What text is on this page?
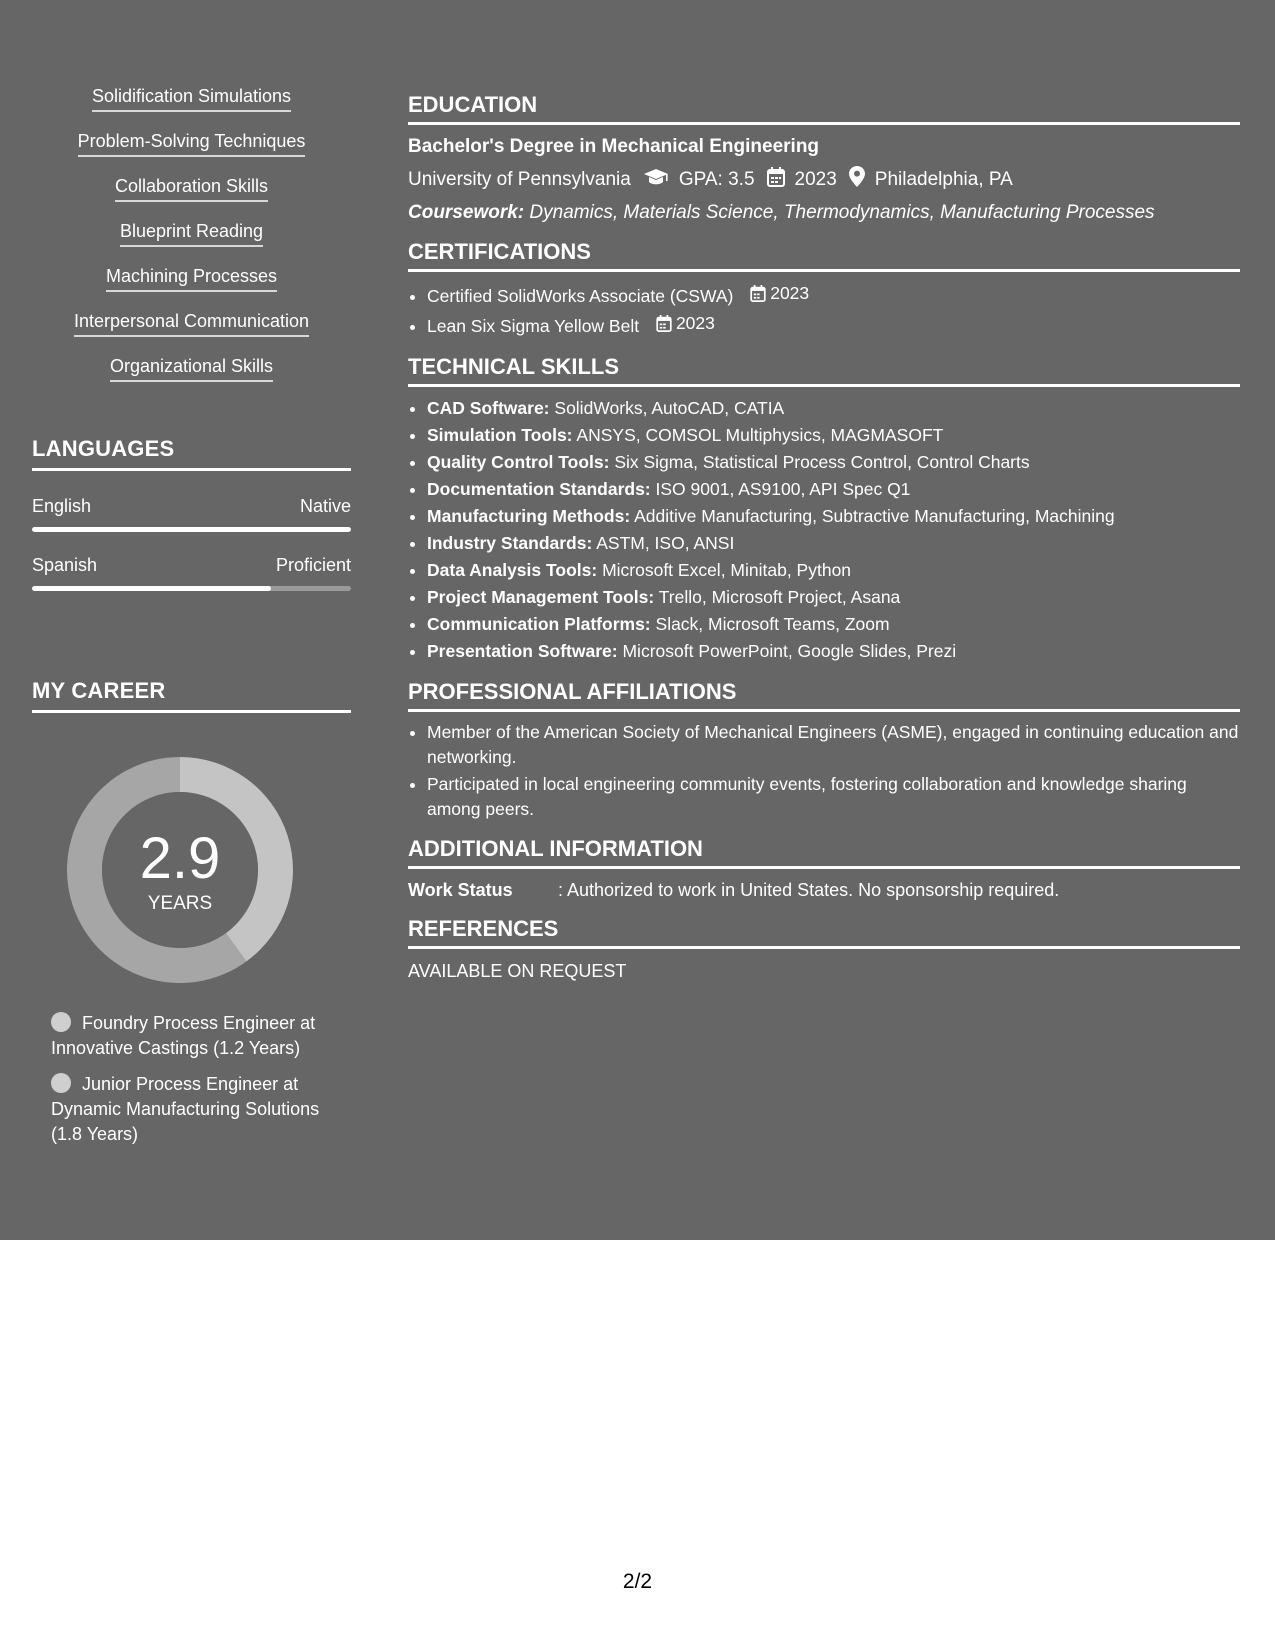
Solidification Simulations
Problem-Solving Techniques
Collaboration Skills
Blueprint Reading
Machining Processes
Interpersonal Communication
Organizational Skills
LANGUAGES
English	Native
Spanish	Proficient
MY CAREER
2.9
YEARS
Foundry Process Engineer at Innovative Castings (1.2 Years)
Junior Process Engineer at Dynamic Manufacturing Solutions (1.8 Years)
EDUCATION
Bachelor's Degree in Mechanical Engineering
University of Pennsylvania	GPA: 3.5 2023 Philadelphia, PA
Coursework: Dynamics, Materials Science, Thermodynamics, Manufacturing Processes
CERTIFICATIONS
• Certified SolidWorks Associate (CSWA) 2023
• Lean Six Sigma Yellow Belt 2023
TECHNICAL SKILLS
• CAD Software: SolidWorks, AutoCAD, CATIA
• Simulation Tools: ANSYS, COMSOL Multiphysics, MAGMASOFT
• Quality Control Tools: Six Sigma, Statistical Process Control, Control Charts
• Documentation Standards: ISO 9001, AS9100, API Spec Q1
• Manufacturing Methods: Additive Manufacturing, Subtractive Manufacturing, Machining
• Industry Standards: ASTM, ISO, ANSI
• Data Analysis Tools: Microsoft Excel, Minitab, Python
• Project Management Tools: Trello, Microsoft Project, Asana
• Communication Platforms: Slack, Microsoft Teams, Zoom
• Presentation Software: Microsoft PowerPoint, Google Slides, Prezi
PROFESSIONAL AFFILIATIONS
• Member of the American Society of Mechanical Engineers (ASME), engaged in continuing education and networking.
• Participated in local engineering community events, fostering collaboration and knowledge sharing among peers.
ADDITIONAL INFORMATION
Work Status	: Authorized to work in United States. No sponsorship required.
REFERENCES
AVAILABLE ON REQUEST
2/2
